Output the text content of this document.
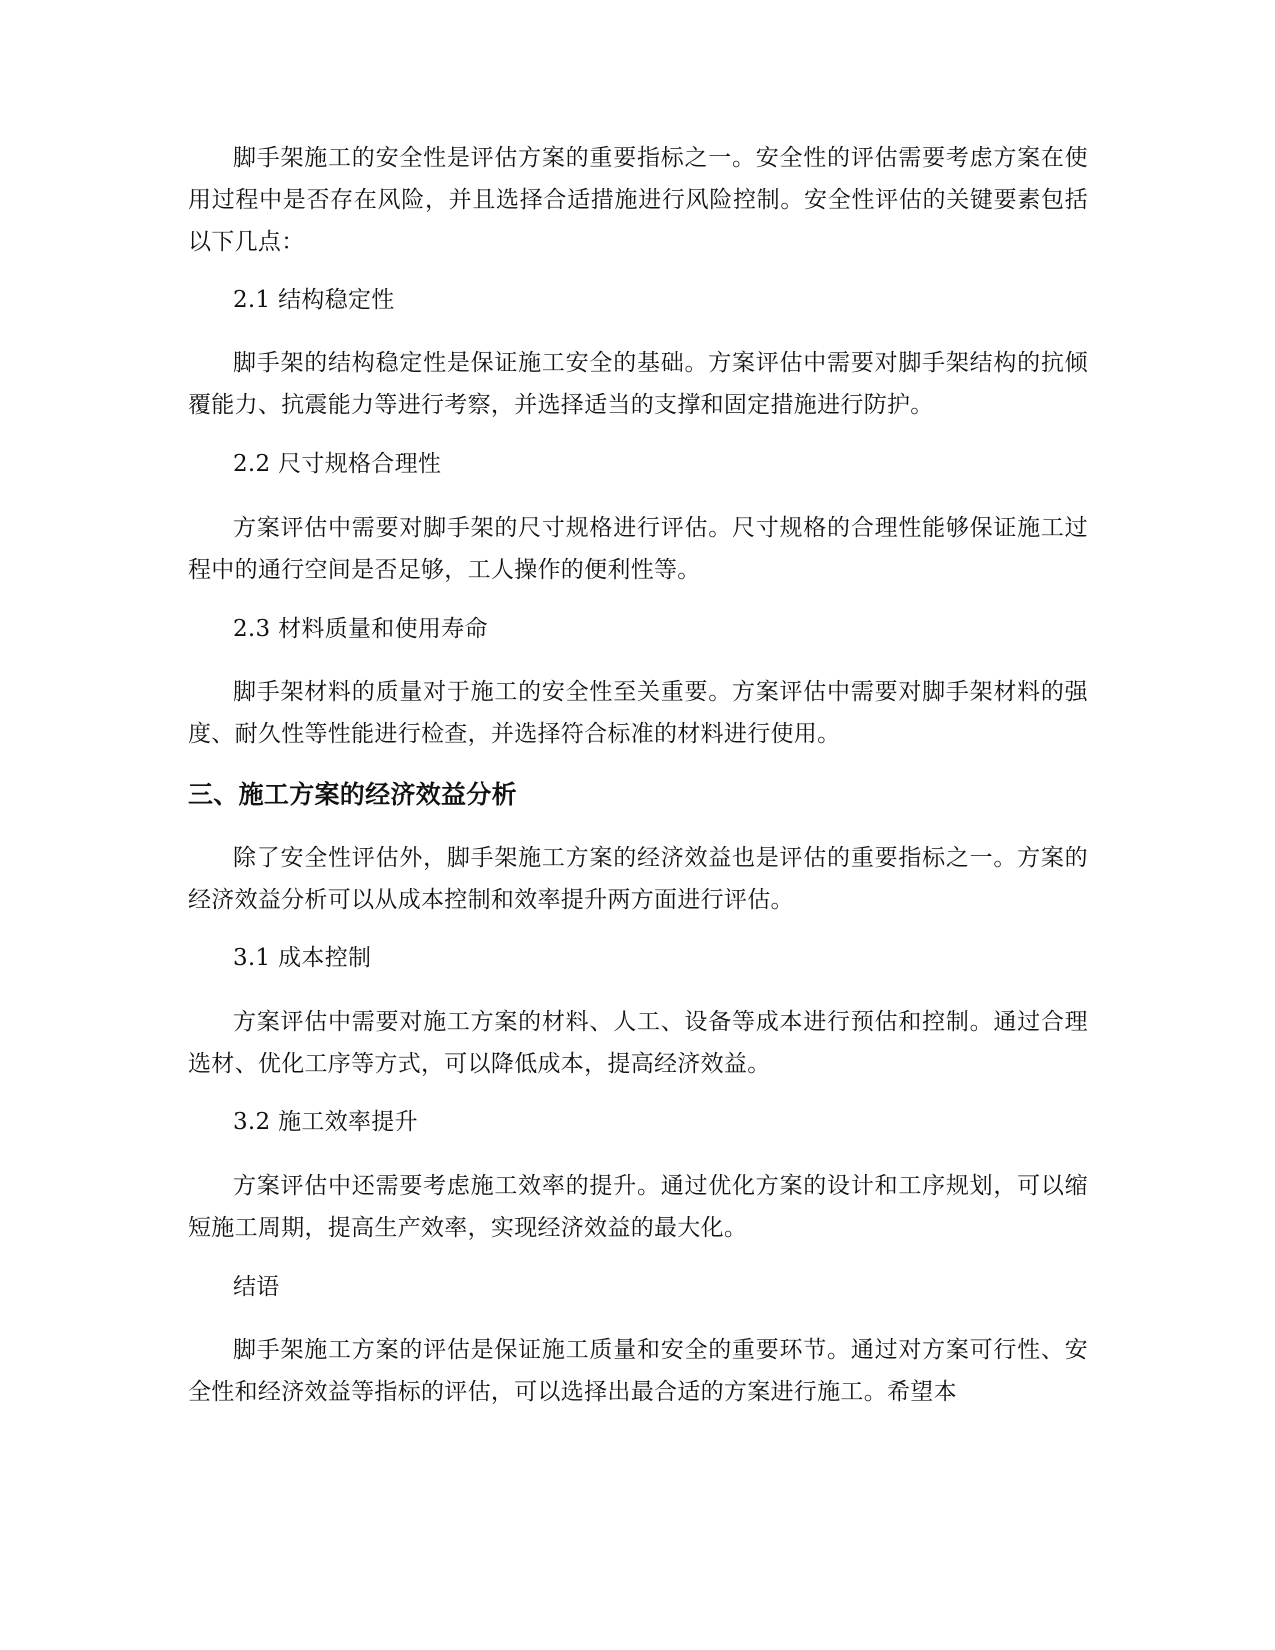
脚手架施工的安全性是评估方案的重要指标之一。安全性的评估需要考虑方案在使用过程中是否存在风险，并且选择合适措施进行风险控制。安全性评估的关键要素包括以下几点：

2.1 结构稳定性

脚手架的结构稳定性是保证施工安全的基础。方案评估中需要对脚手架结构的抗倾覆能力、抗震能力等进行考察，并选择适当的支撑和固定措施进行防护。

2.2 尺寸规格合理性

方案评估中需要对脚手架的尺寸规格进行评估。尺寸规格的合理性能够保证施工过程中的通行空间是否足够，工人操作的便利性等。

2.3 材料质量和使用寿命

脚手架材料的质量对于施工的安全性至关重要。方案评估中需要对脚手架材料的强度、耐久性等性能进行检查，并选择符合标准的材料进行使用。

三、施工方案的经济效益分析

除了安全性评估外，脚手架施工方案的经济效益也是评估的重要指标之一。方案的经济效益分析可以从成本控制和效率提升两方面进行评估。

3.1 成本控制

方案评估中需要对施工方案的材料、人工、设备等成本进行预估和控制。通过合理选材、优化工序等方式，可以降低成本，提高经济效益。

3.2 施工效率提升

方案评估中还需要考虑施工效率的提升。通过优化方案的设计和工序规划，可以缩短施工周期，提高生产效率，实现经济效益的最大化。

结语

脚手架施工方案的评估是保证施工质量和安全的重要环节。通过对方案可行性、安全性和经济效益等指标的评估，可以选择出最合适的方案进行施工。希望本
